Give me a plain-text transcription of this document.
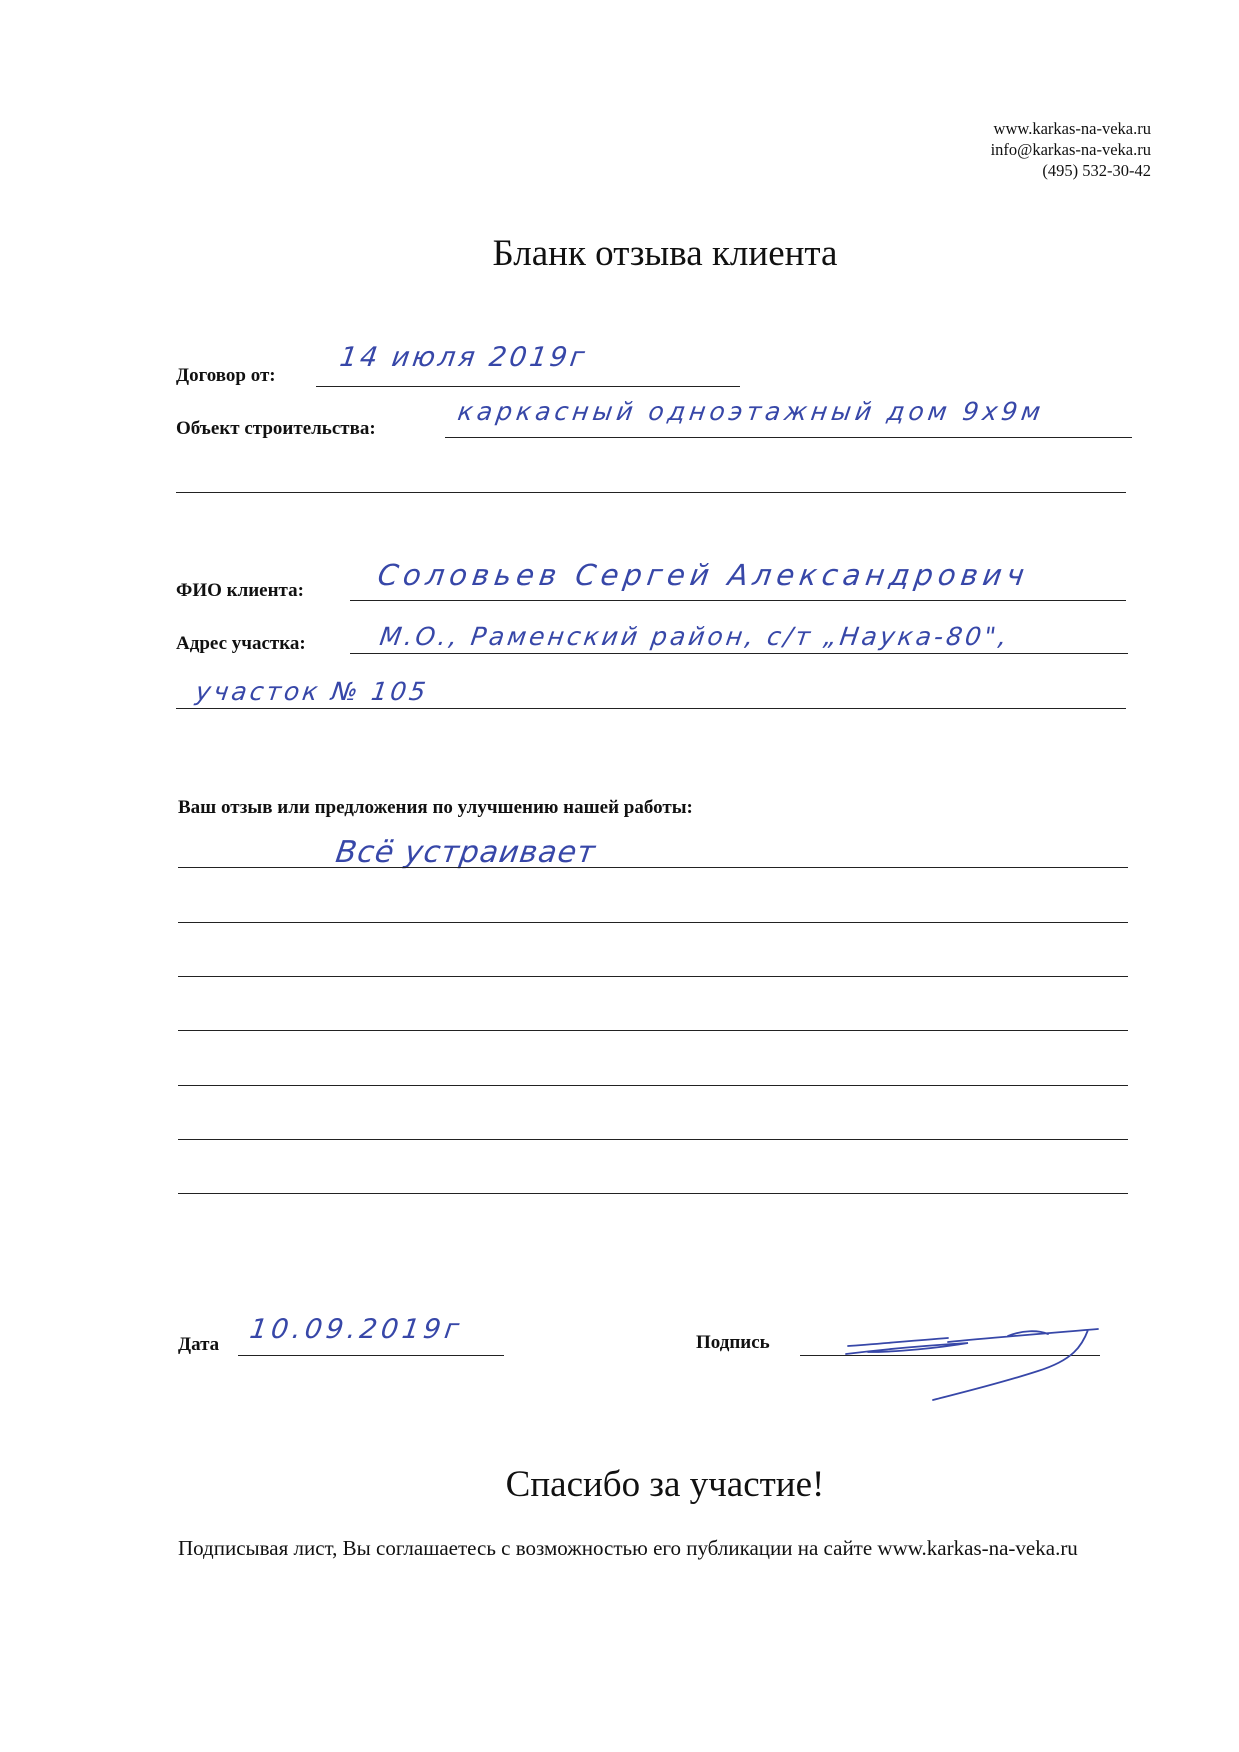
www.karkas-na-veka.ru
info@karkas-na-veka.ru
(495) 532-30-42
Бланк отзыва клиента
Договор от:
14 июля 2019г
Объект строительства:
каркасный одноэтажный дом 9х9м
ФИО клиента: Соловьев Сергей Александрович
Адрес участка:	М.О., Раменский район, с/т „Наука-80",
участок № 105
Ваш отзыв или предложения по улучшению нашей работы:
Всё устраивает
Дата 10.09.2019г	Подпись
Спасибо за участие!
Подписывая лист, Вы соглашаетесь с возможностью его публикации на сайте www.karkas-na-veka.ru
